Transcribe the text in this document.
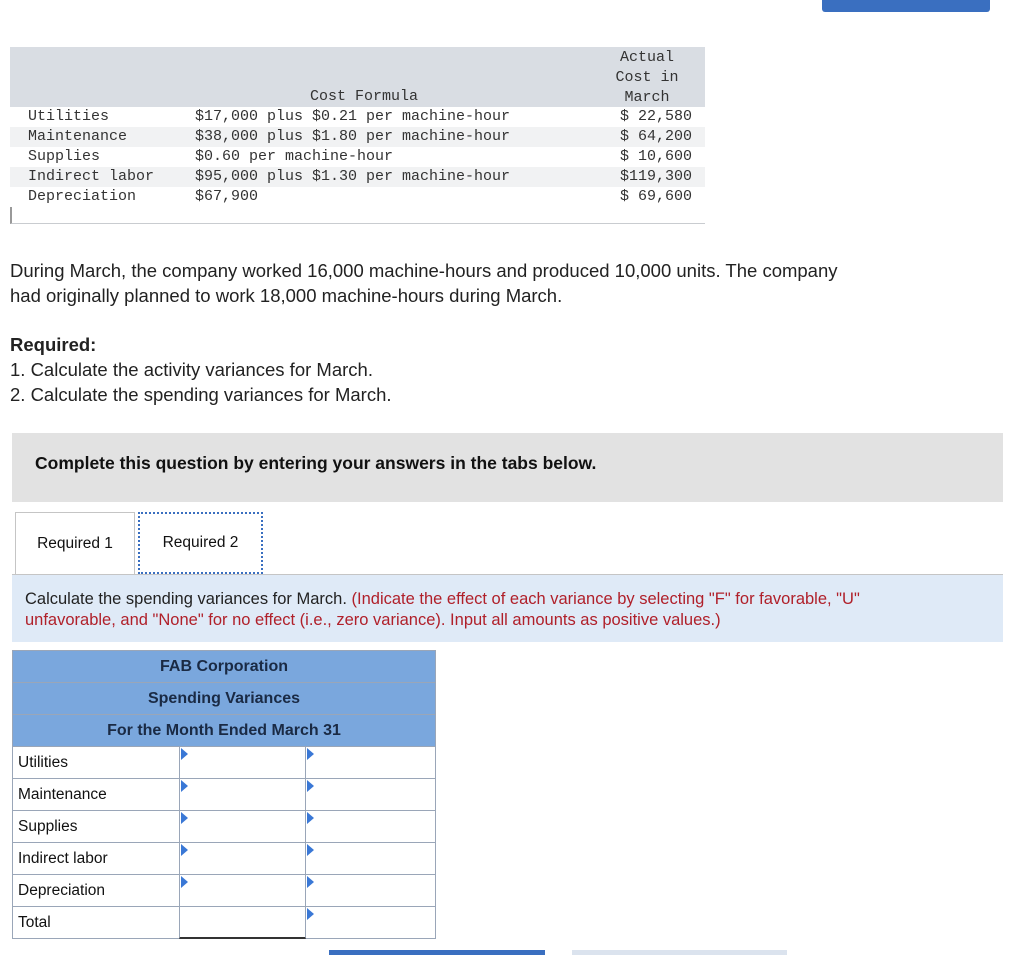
Cost Formula
Actual
Cost in
March
Utilities	$17,000 plus $0.21 per machine-hour	$ 22,580
Maintenance	$38,000 plus $1.80 per machine-hour	$ 64,200
Supplies	$0.60 per machine-hour	$ 10,600
Indirect labor	$95,000 plus $1.30 per machine-hour	$119,300
Depreciation	$67,900	$ 69,600
During March, the company worked 16,000 machine-hours and produced 10,000 units. The company
had originally planned to work 18,000 machine-hours during March.
Required:
1. Calculate the activity variances for March.
2. Calculate the spending variances for March.
Complete this question by entering your answers in the tabs below.
Required 1	Required 2

Calculate the spending variances for March. (Indicate the effect of each variance by selecting "F" for favorable, "U"
unfavorable, and "None" for no effect (i.e., zero variance). Input all amounts as positive values.)

FAB Corporation
Spending Variances
For the Month Ended March 31
Utilities
Maintenance
Supplies
Indirect labor
Depreciation
Total
